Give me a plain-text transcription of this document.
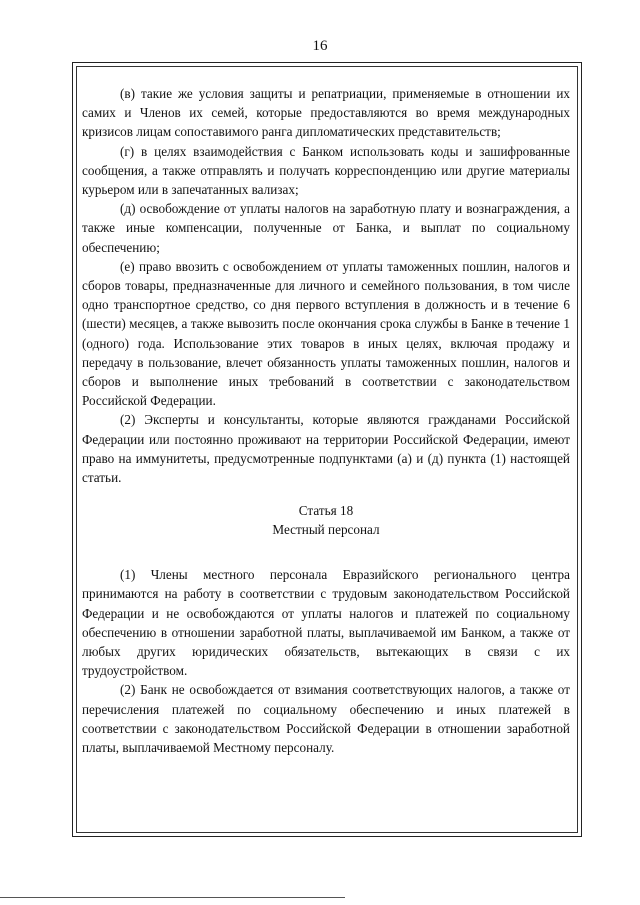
16

(в) такие же условия защиты и репатриации, применяемые в отношении их самих и Членов их семей, которые предоставляются во время международных кризисов лицам сопоставимого ранга дипломатических представительств;

(г) в целях взаимодействия с Банком использовать коды и зашифрованные сообщения, а также отправлять и получать корреспонденцию или другие материалы курьером или в запечатанных вализах;

(д) освобождение от уплаты налогов на заработную плату и вознаграждения, а также иные компенсации, полученные от Банка, и выплат по социальному обеспечению;

(е) право ввозить с освобождением от уплаты таможенных пошлин, налогов и сборов товары, предназначенные для личного и семейного пользования, в том числе одно транспортное средство, со дня первого вступления в должность и в течение 6 (шести) месяцев, а также вывозить после окончания срока службы в Банке в течение 1 (одного) года. Использование этих товаров в иных целях, включая продажу и передачу в пользование, влечет обязанность уплаты таможенных пошлин, налогов и сборов и выполнение иных требований в соответствии с законодательством Российской Федерации.

(2) Эксперты и консультанты, которые являются гражданами Российской Федерации или постоянно проживают на территории Российской Федерации, имеют право на иммунитеты, предусмотренные подпунктами (а) и (д) пункта (1) настоящей статьи.

Статья 18
Местный персонал

(1) Члены местного персонала Евразийского регионального центра принимаются на работу в соответствии с трудовым законодательством Российской Федерации и не освобождаются от уплаты налогов и платежей по социальному обеспечению в отношении заработной платы, выплачиваемой им Банком, а также от любых других юридических обязательств, вытекающих в связи с их трудоустройством.

(2) Банк не освобождается от взимания соответствующих налогов, а также от перечисления платежей по социальному обеспечению и иных платежей в соответствии с законодательством Российской Федерации в отношении заработной платы, выплачиваемой Местному персоналу.
